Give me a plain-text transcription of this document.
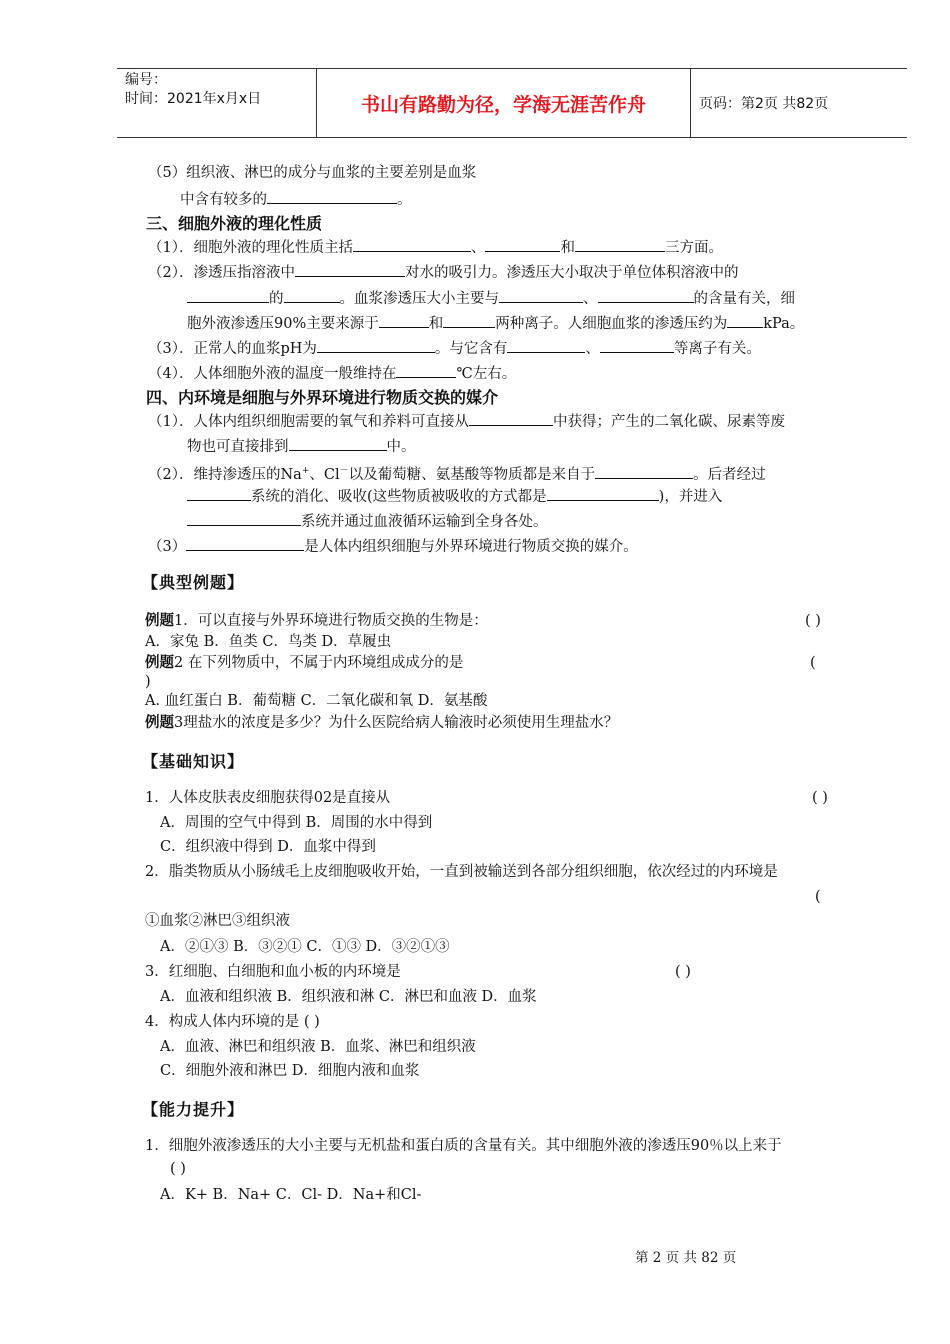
编号：
时间：2021年x月x日	书山有路勤为径，学海无涯苦作舟	页码：第2页 共82页
（5）组织液、淋巴的成分与血浆的主要差别是血浆
中含有较多的	。
三、细胞外液的理化性质
（1）．细胞外液的理化性质主括	、	和	三方面。
（2）．渗透压指溶液中	对水的吸引力。渗透压大小取决于单位体积溶液中的
的	。血浆渗透压大小主要与	、	的含量有关，细
胞外液渗透压90%主要来源于	和	两种离子。人细胞血浆的渗透压约为 kPa。
（3）．正常人的血浆pH为	。与它含有	、	等离子有关。
（4）．人体细胞外液的温度一般维持在	℃左右。
四、内环境是细胞与外界环境进行物质交换的媒介
（1）．人体内组织细胞需要的氧气和养料可直接从	中获得；产生的二氧化碳、尿素等废
物也可直接排到	中。
（2）．维持渗透压的Na+、Cl－以及葡萄糖、氨基酸等物质都是来自于	。后者经过
系统的消化、吸收(这些物质被吸收的方式都是	)，并进入
系统并通过血液循环运输到全身各处。
（3）	是人体内组织细胞与外界环境进行物质交换的媒介。
【典型例题】
例题1．可以直接与外界环境进行物质交换的生物是：	( )
A．家兔 B．鱼类 C．鸟类 D．草履虫
例题2 在下列物质中，不属于内环境组成成分的是	(
)
A. 血红蛋白 B．葡萄糖 C．二氧化碳和氧 D．氨基酸
例题3理盐水的浓度是多少？为什么医院给病人输液时必须使用生理盐水？
【基础知识】
1．人体皮肤表皮细胞获得02是直接从	( )
A．周围的空气中得到 B．周围的水中得到
C．组织液中得到 D．血浆中得到
2．脂类物质从小肠绒毛上皮细胞吸收开始，一直到被输送到各部分组织细胞，依次经过的内环境是
(
①血浆②淋巴③组织液
A．②①③ B．③②① C．①③ D．③②①③
3．红细胞、白细胞和血小板的内环境是	( )
A．血液和组织液 B．组织液和淋 C．淋巴和血液 D．血浆
4．构成人体内环境的是 ( )
A．血液、淋巴和组织液 B．血浆、淋巴和组织液
C．细胞外液和淋巴 D．细胞内液和血浆
【能力提升】
1．细胞外液渗透压的大小主要与无机盐和蛋白质的含量有关。其中细胞外液的渗透压90％以上来于
( )
A．K+ B．Na+ C．Cl- D．Na+和Cl-
第 2 页 共 82 页
